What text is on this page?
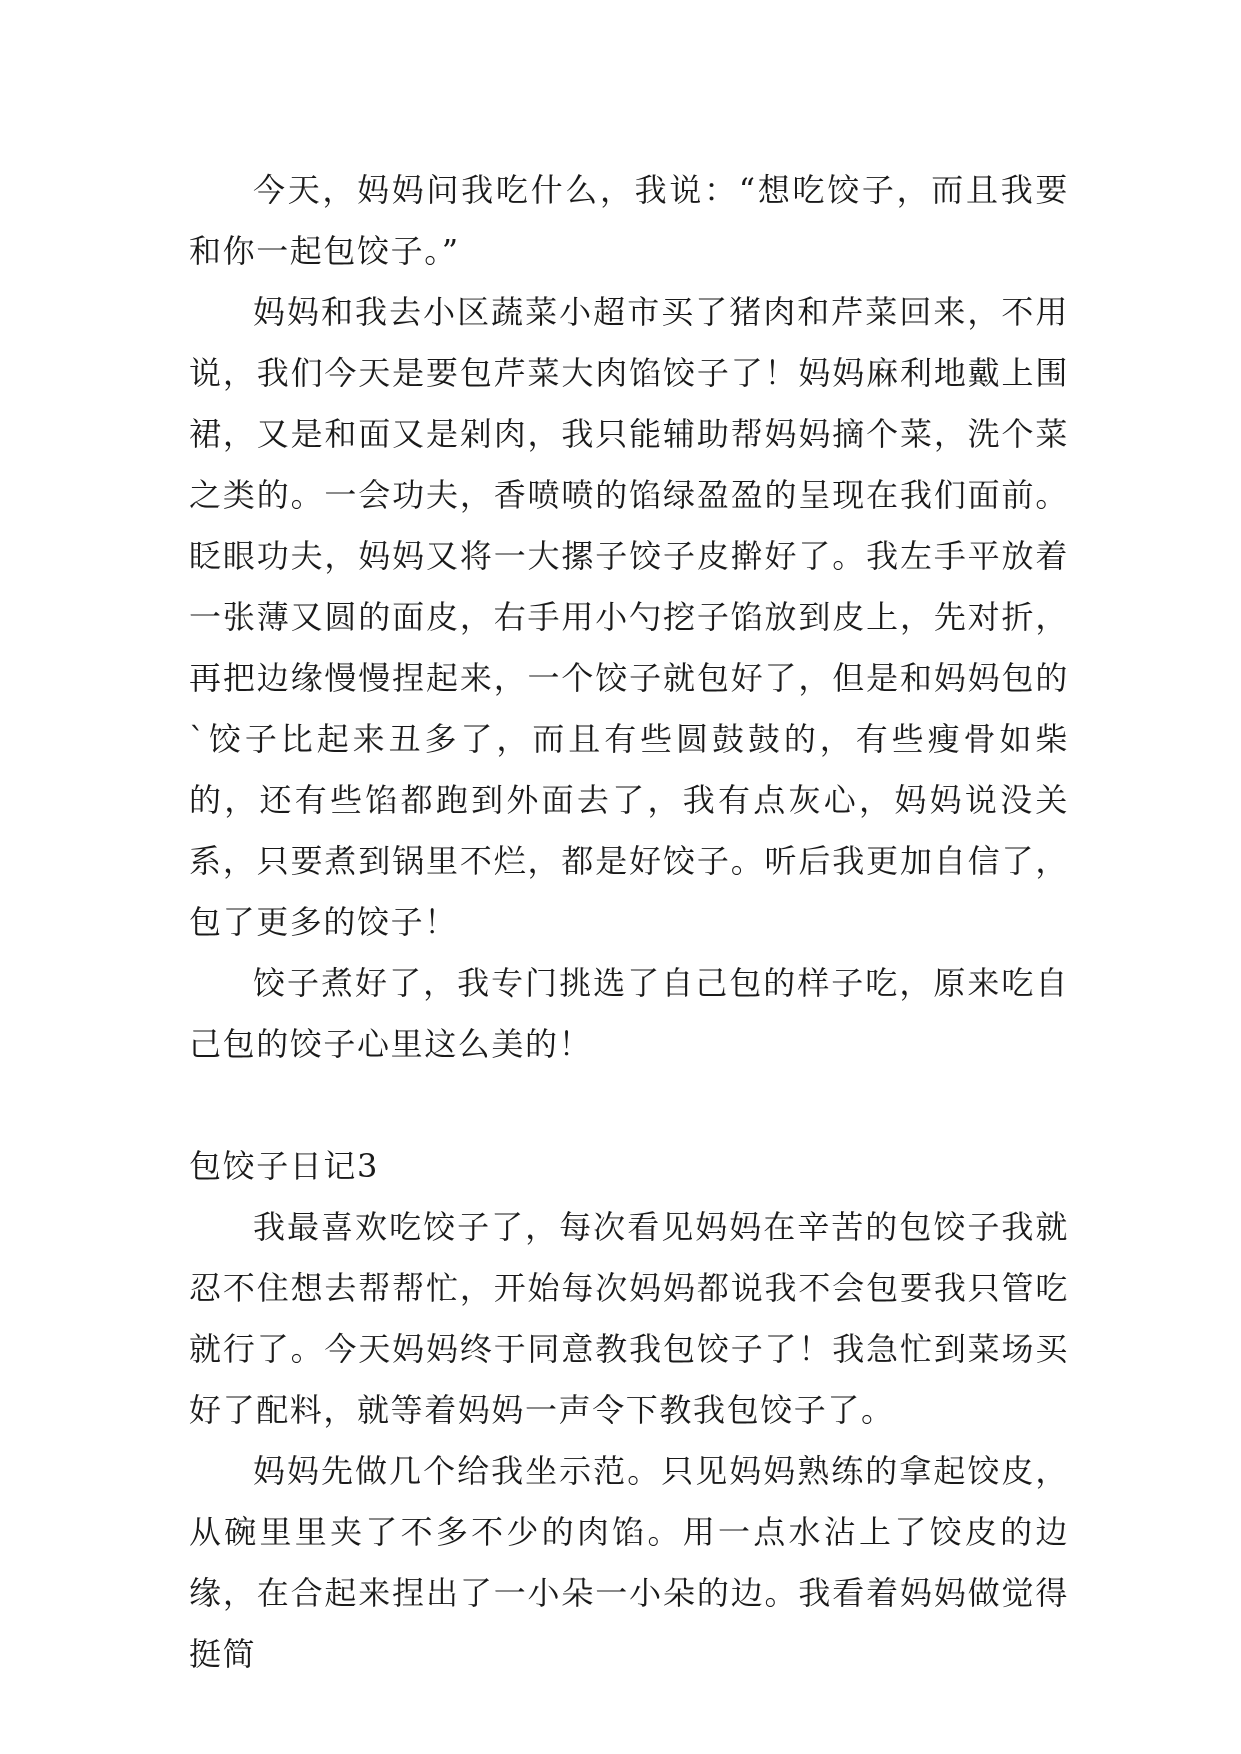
今天，妈妈问我吃什么，我说：“想吃饺子，而且我要和你一起包饺子。”

妈妈和我去小区蔬菜小超市买了猪肉和芹菜回来，不用说，我们今天是要包芹菜大肉馅饺子了！妈妈麻利地戴上围裙，又是和面又是剁肉，我只能辅助帮妈妈摘个菜，洗个菜之类的。一会功夫，香喷喷的馅绿盈盈的呈现在我们面前。眨眼功夫，妈妈又将一大摞子饺子皮擀好了。我左手平放着一张薄又圆的面皮，右手用小勺挖子馅放到皮上，先对折，再把边缘慢慢捏起来，一个饺子就包好了，但是和妈妈包的`饺子比起来丑多了，而且有些圆鼓鼓的，有些瘦骨如柴的，还有些馅都跑到外面去了，我有点灰心，妈妈说没关系，只要煮到锅里不烂，都是好饺子。听后我更加自信了，包了更多的饺子！

饺子煮好了，我专门挑选了自己包的样子吃，原来吃自己包的饺子心里这么美的！

包饺子日记3

我最喜欢吃饺子了，每次看见妈妈在辛苦的包饺子我就忍不住想去帮帮忙，开始每次妈妈都说我不会包要我只管吃就行了。今天妈妈终于同意教我包饺子了！我急忙到菜场买好了配料，就等着妈妈一声令下教我包饺子了。

妈妈先做几个给我坐示范。只见妈妈熟练的拿起饺皮，从碗里里夹了不多不少的肉馅。用一点水沾上了饺皮的边缘，在合起来捏出了一小朵一小朵的边。我看着妈妈做觉得挺简
